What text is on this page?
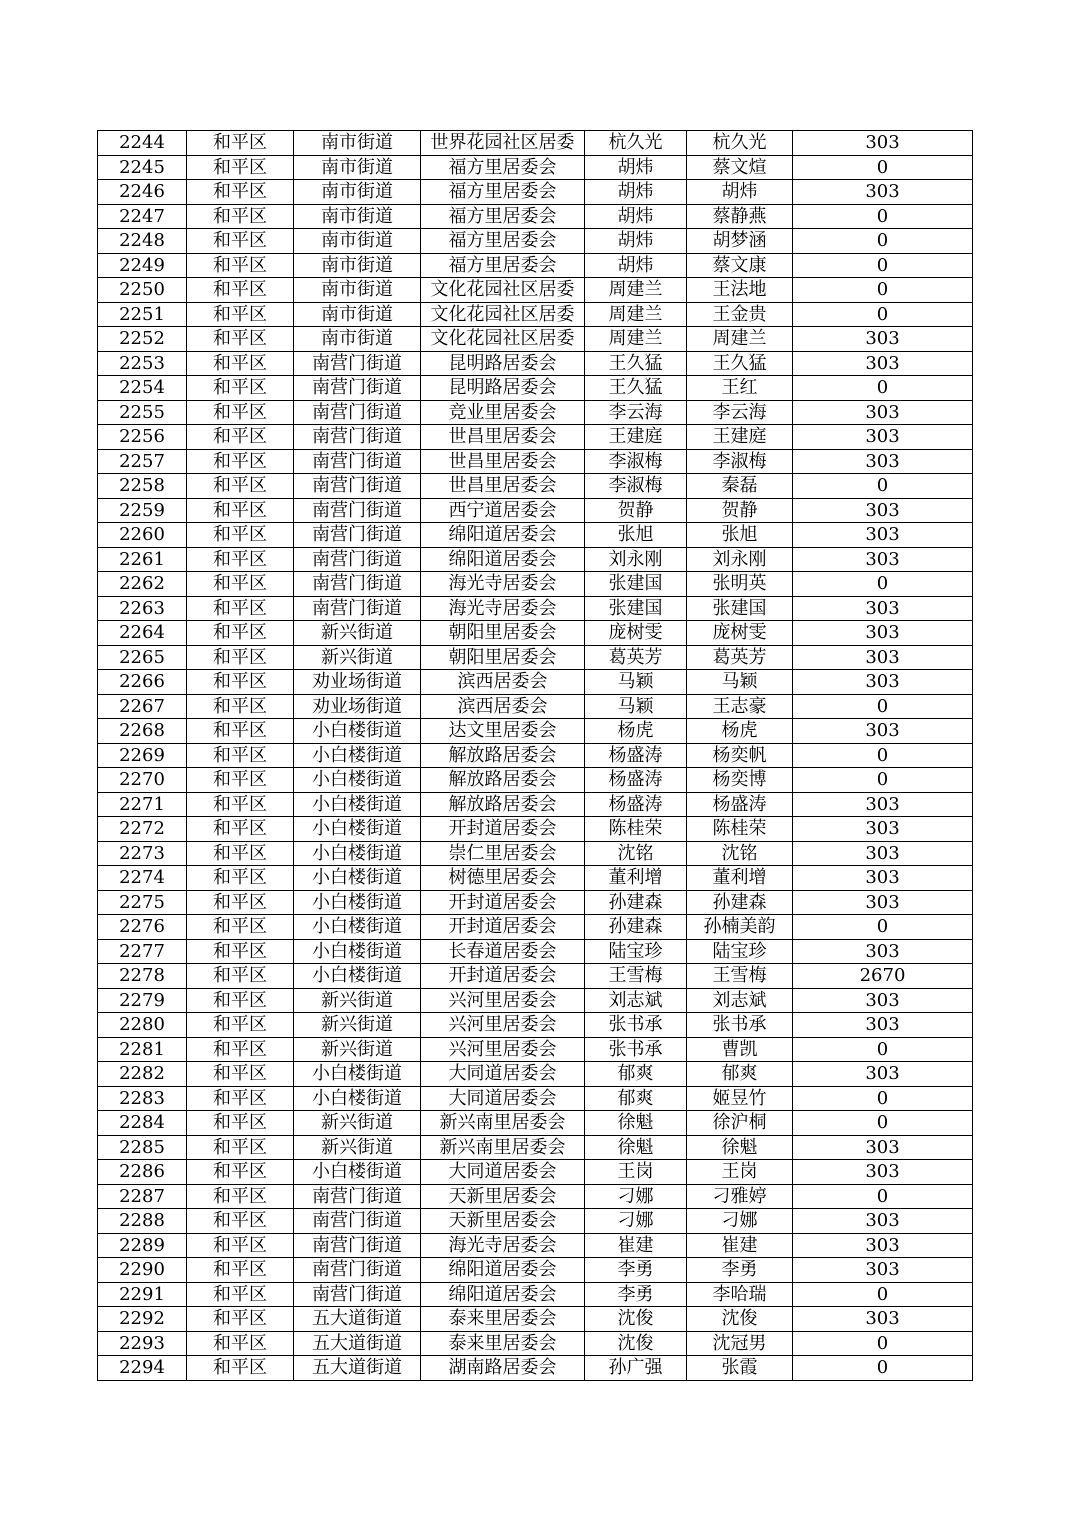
2244	和平区	南市街道	世界花园社区居委	杭久光	杭久光	303
2245	和平区	南市街道	福方里居委会	胡炜	蔡文煊	0
2246	和平区	南市街道	福方里居委会	胡炜	胡炜	303
2247	和平区	南市街道	福方里居委会	胡炜	蔡静燕	0
2248	和平区	南市街道	福方里居委会	胡炜	胡梦涵	0
2249	和平区	南市街道	福方里居委会	胡炜	蔡文康	0
2250	和平区	南市街道	文化花园社区居委	周建兰	王法地	0
2251	和平区	南市街道	文化花园社区居委	周建兰	王金贵	0
2252	和平区	南市街道	文化花园社区居委	周建兰	周建兰	303
2253	和平区	南营门街道	昆明路居委会	王久猛	王久猛	303
2254	和平区	南营门街道	昆明路居委会	王久猛	王红	0
2255	和平区	南营门街道	竞业里居委会	李云海	李云海	303
2256	和平区	南营门街道	世昌里居委会	王建庭	王建庭	303
2257	和平区	南营门街道	世昌里居委会	李淑梅	李淑梅	303
2258	和平区	南营门街道	世昌里居委会	李淑梅	秦磊	0
2259	和平区	南营门街道	西宁道居委会	贺静	贺静	303
2260	和平区	南营门街道	绵阳道居委会	张旭	张旭	303
2261	和平区	南营门街道	绵阳道居委会	刘永刚	刘永刚	303
2262	和平区	南营门街道	海光寺居委会	张建国	张明英	0
2263	和平区	南营门街道	海光寺居委会	张建国	张建国	303
2264	和平区	新兴街道	朝阳里居委会	庞树雯	庞树雯	303
2265	和平区	新兴街道	朝阳里居委会	葛英芳	葛英芳	303
2266	和平区	劝业场街道	滨西居委会	马颖	马颖	303
2267	和平区	劝业场街道	滨西居委会	马颖	王志豪	0
2268	和平区	小白楼街道	达文里居委会	杨虎	杨虎	303
2269	和平区	小白楼街道	解放路居委会	杨盛涛	杨奕帆	0
2270	和平区	小白楼街道	解放路居委会	杨盛涛	杨奕博	0
2271	和平区	小白楼街道	解放路居委会	杨盛涛	杨盛涛	303
2272	和平区	小白楼街道	开封道居委会	陈桂荣	陈桂荣	303
2273	和平区	小白楼街道	崇仁里居委会	沈铭	沈铭	303
2274	和平区	小白楼街道	树德里居委会	董利增	董利增	303
2275	和平区	小白楼街道	开封道居委会	孙建森	孙建森	303
2276	和平区	小白楼街道	开封道居委会	孙建森	孙楠美韵	0
2277	和平区	小白楼街道	长春道居委会	陆宝珍	陆宝珍	303
2278	和平区	小白楼街道	开封道居委会	王雪梅	王雪梅	2670
2279	和平区	新兴街道	兴河里居委会	刘志斌	刘志斌	303
2280	和平区	新兴街道	兴河里居委会	张书承	张书承	303
2281	和平区	新兴街道	兴河里居委会	张书承	曹凯	0
2282	和平区	小白楼街道	大同道居委会	郁爽	郁爽	303
2283	和平区	小白楼街道	大同道居委会	郁爽	姬昱竹	0
2284	和平区	新兴街道	新兴南里居委会	徐魁	徐沪桐	0
2285	和平区	新兴街道	新兴南里居委会	徐魁	徐魁	303
2286	和平区	小白楼街道	大同道居委会	王岗	王岗	303
2287	和平区	南营门街道	天新里居委会	刁娜	刁雅婷	0
2288	和平区	南营门街道	天新里居委会	刁娜	刁娜	303
2289	和平区	南营门街道	海光寺居委会	崔建	崔建	303
2290	和平区	南营门街道	绵阳道居委会	李勇	李勇	303
2291	和平区	南营门街道	绵阳道居委会	李勇	李哈瑞	0
2292	和平区	五大道街道	泰来里居委会	沈俊	沈俊	303
2293	和平区	五大道街道	泰来里居委会	沈俊	沈冠男	0
2294	和平区	五大道街道	湖南路居委会	孙广强	张霞	0
